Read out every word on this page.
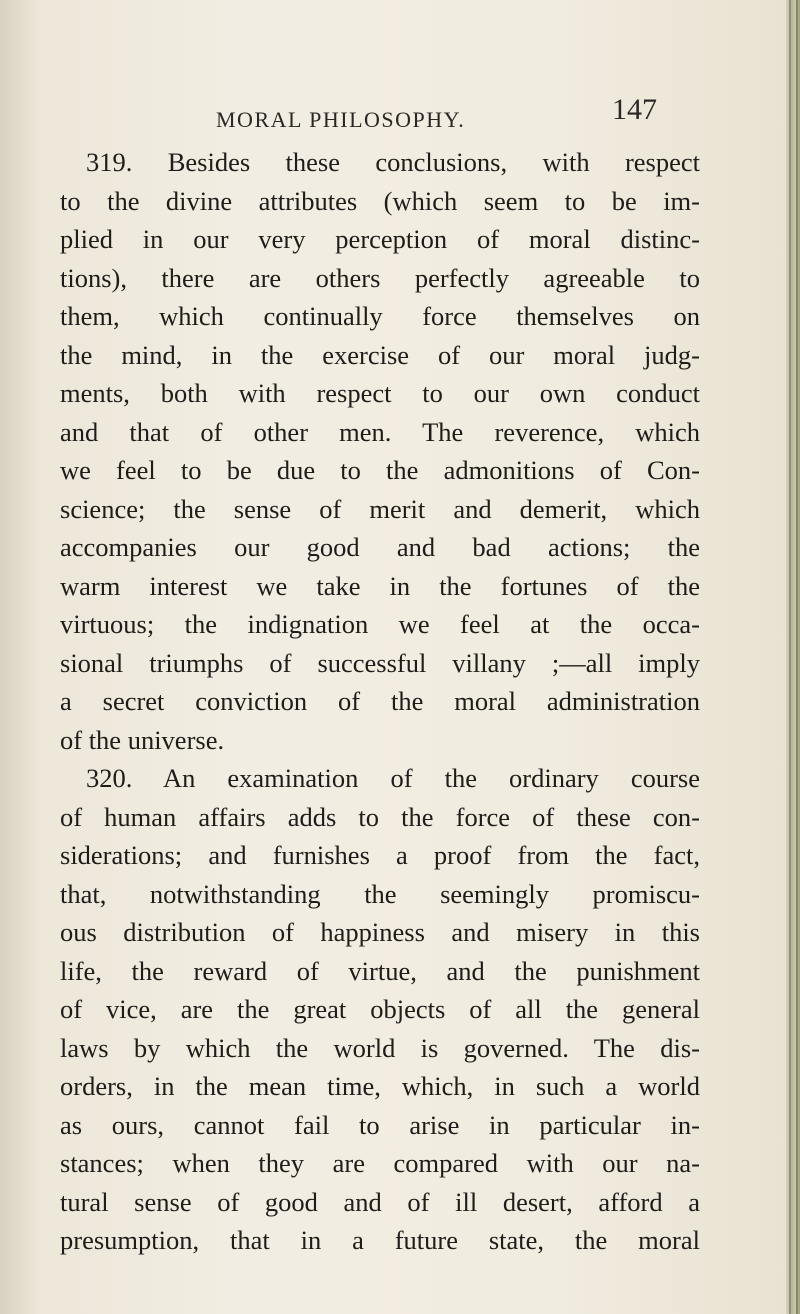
MORAL PHILOSOPHY.	147
319. Besides these conclusions, with respect
to the divine attributes (which seem to be im-
plied in our very perception of moral distinc-
tions), there are others perfectly agreeable to
them, which continually force themselves on
the mind, in the exercise of our moral judg-
ments, both with respect to our own conduct
and that of other men. The reverence, which
we feel to be due to the admonitions of Con-
science; the sense of merit and demerit, which
accompanies our good and bad actions; the
warm interest we take in the fortunes of the
virtuous; the indignation we feel at the occa-
sional triumphs of successful villany ;—all imply
a secret conviction of the moral administration
of the universe.
320. An examination of the ordinary course
of human affairs adds to the force of these con-
siderations; and furnishes a proof from the fact,
that, notwithstanding the seemingly promiscu-
ous distribution of happiness and misery in this
life, the reward of virtue, and the punishment
of vice, are the great objects of all the general
laws by which the world is governed. The dis-
orders, in the mean time, which, in such a world
as ours, cannot fail to arise in particular in-
stances; when they are compared with our na-
tural sense of good and of ill desert, afford a
presumption, that in a future state, the moral
